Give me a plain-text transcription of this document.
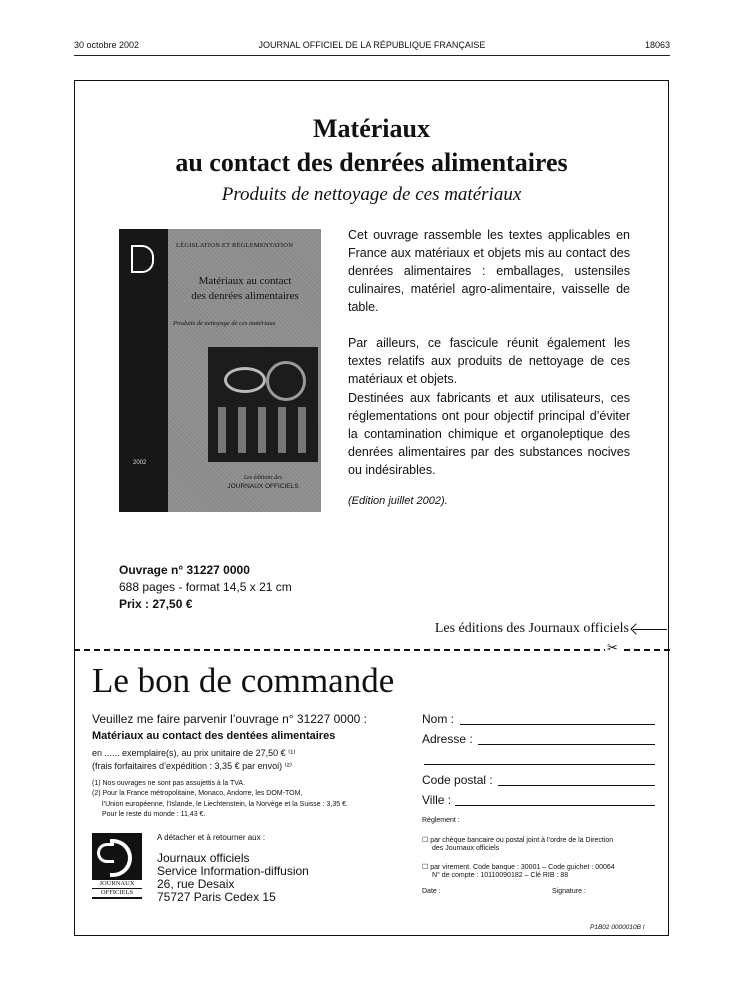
30 octobre 2002	JOURNAL OFFICIEL DE LA RÉPUBLIQUE FRANÇAISE	18063
Matériaux
au contact des denrées alimentaires
Produits de nettoyage de ces matériaux
2002
LÉGISLATION ET RÉGLEMENTATION
Matériaux au contact
des denrées alimentaires
Produits de nettoyage de ces matériaux
Les éditions des
JOURNAUX OFFICIELS
Cet ouvrage rassemble les textes applicables en France aux matériaux et objets mis au contact des denrées alimentaires : emballages, ustensiles culinaires, matériel agro-alimentaire, vaisselle de table.
Par ailleurs, ce fascicule réunit également les textes relatifs aux produits de nettoyage de ces matériaux et objets.
Destinées aux fabricants et aux utilisateurs, ces réglementations ont pour objectif principal d’éviter la contamination chimique et organoleptique des denrées alimentaires par des substances nocives ou indésirables.
(Edition juillet 2002).
Ouvrage n° 31227 0000
688 pages - format 14,5 x 21 cm
Prix : 27,50 €
Les éditions des Journaux officiels
✂
Le bon de commande
Veuillez me faire parvenir l’ouvrage n° 31227 0000 :
Matériaux au contact des dentées alimentaires
en ...... exemplaire(s), au prix unitaire de 27,50 € ⁽¹⁾
(frais forfaitaires d’expédition : 3,35 € par envoi) ⁽²⁾
(1) Nos ouvrages ne sont pas assujettis à la TVA.
(2) Pour la France métropolitaine, Monaco, Andorre, les DOM-TOM,
l’Union européenne, l’Islande, le Liechtenstein, la Norvège et la Suisse : 3,35 €.
Pour le reste du monde : 11,43 €.
JOURNAUX
OFFICIELS
A détacher et à retourner aux :
Journaux officiels
Service Information-diffusion
26, rue Desaix
75727 Paris Cedex 15
Nom :
Adresse :
Code postal :
Ville :
Règlement :
☐ par chèque bancaire ou postal joint à l’ordre de la Direction
des Journaux officiels
☐ par virement. Code banque : 30001 – Code guichet : 00064
N° de compte : 10110090182 – Clé RIB : 88
Date :	Signature :
P1B02 0000010B I
